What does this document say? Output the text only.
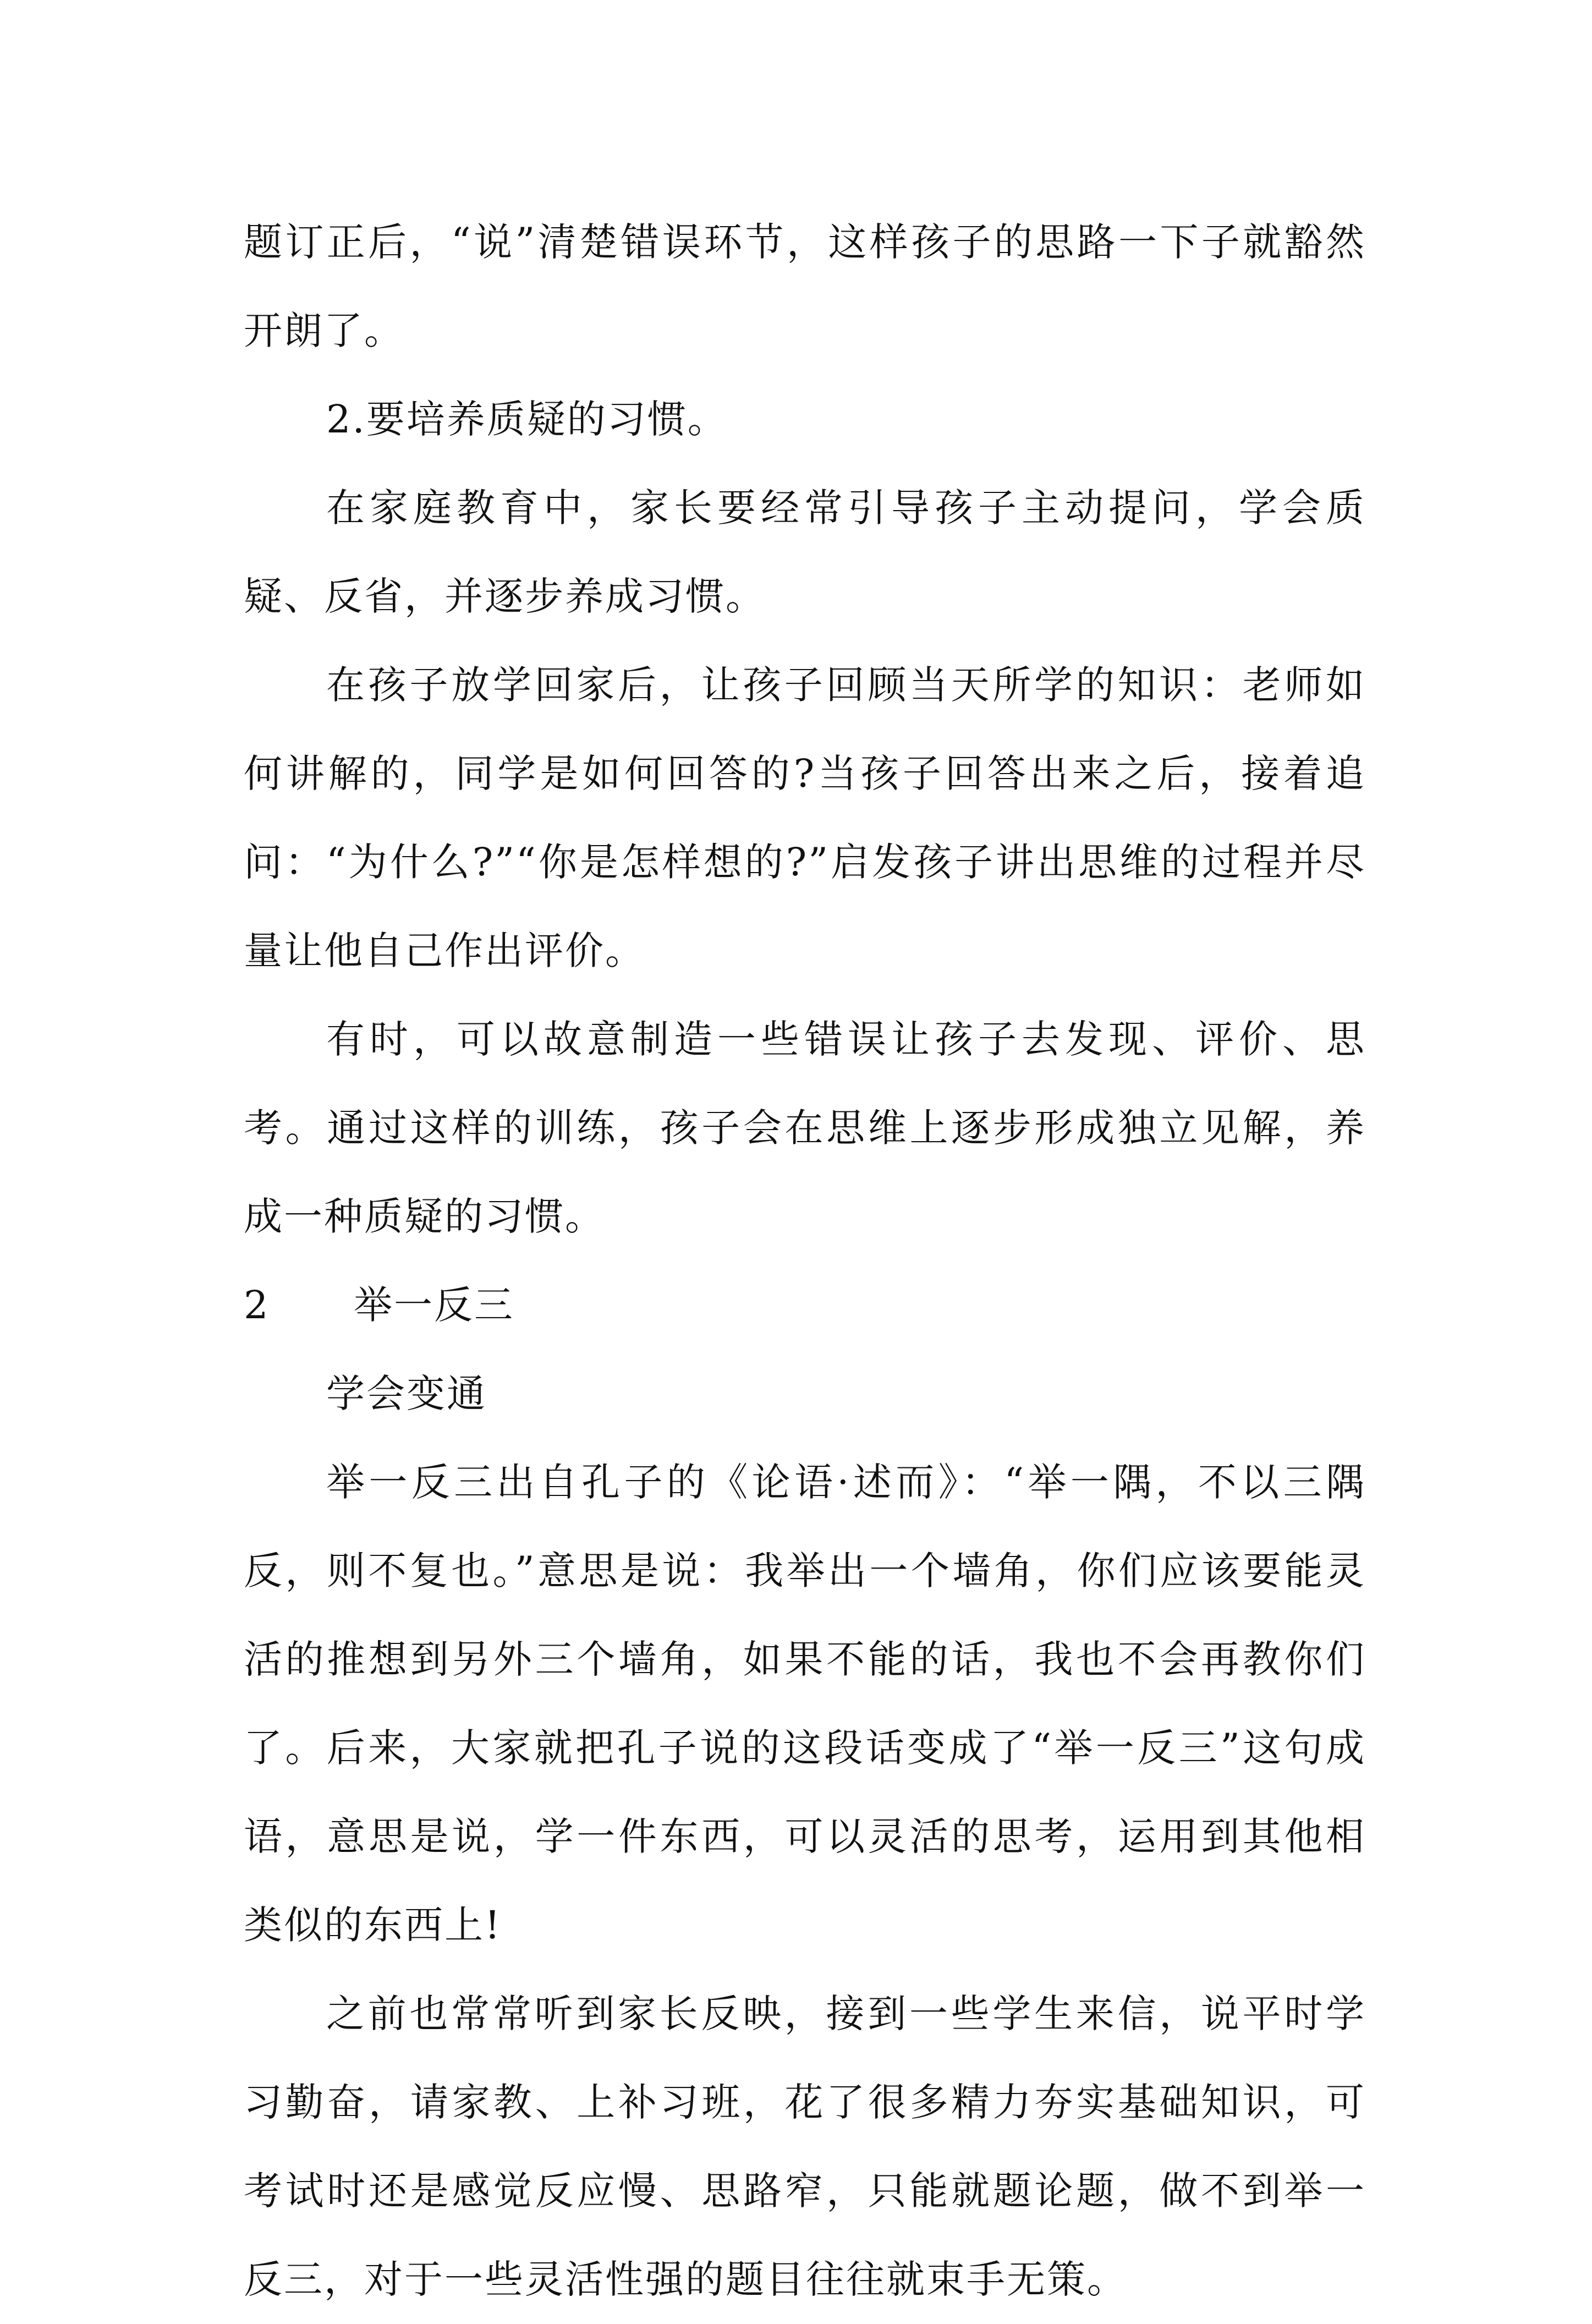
题订正后，“说”清楚错误环节，这样孩子的思路一下子就豁然开朗了。

2.要培养质疑的习惯。

在家庭教育中，家长要经常引导孩子主动提问，学会质疑、反省，并逐步养成习惯。

在孩子放学回家后，让孩子回顾当天所学的知识：老师如何讲解的，同学是如何回答的?当孩子回答出来之后，接着追问：“为什么?”“你是怎样想的?”启发孩子讲出思维的过程并尽量让他自己作出评价。

有时，可以故意制造一些错误让孩子去发现、评价、思考。通过这样的训练，孩子会在思维上逐步形成独立见解，养成一种质疑的习惯。

2 举一反三

学会变通

举一反三出自孔子的《论语·述而》：“举一隅，不以三隅反，则不复也。”意思是说：我举出一个墙角，你们应该要能灵活的推想到另外三个墙角，如果不能的话，我也不会再教你们了。后来，大家就把孔子说的这段话变成了“举一反三”这句成语，意思是说，学一件东西，可以灵活的思考，运用到其他相类似的东西上!

之前也常常听到家长反映，接到一些学生来信，说平时学习勤奋，请家教、上补习班，花了很多精力夯实基础知识，可考试时还是感觉反应慢、思路窄，只能就题论题，做不到举一反三，对于一些灵活性强的题目往往就束手无策。
